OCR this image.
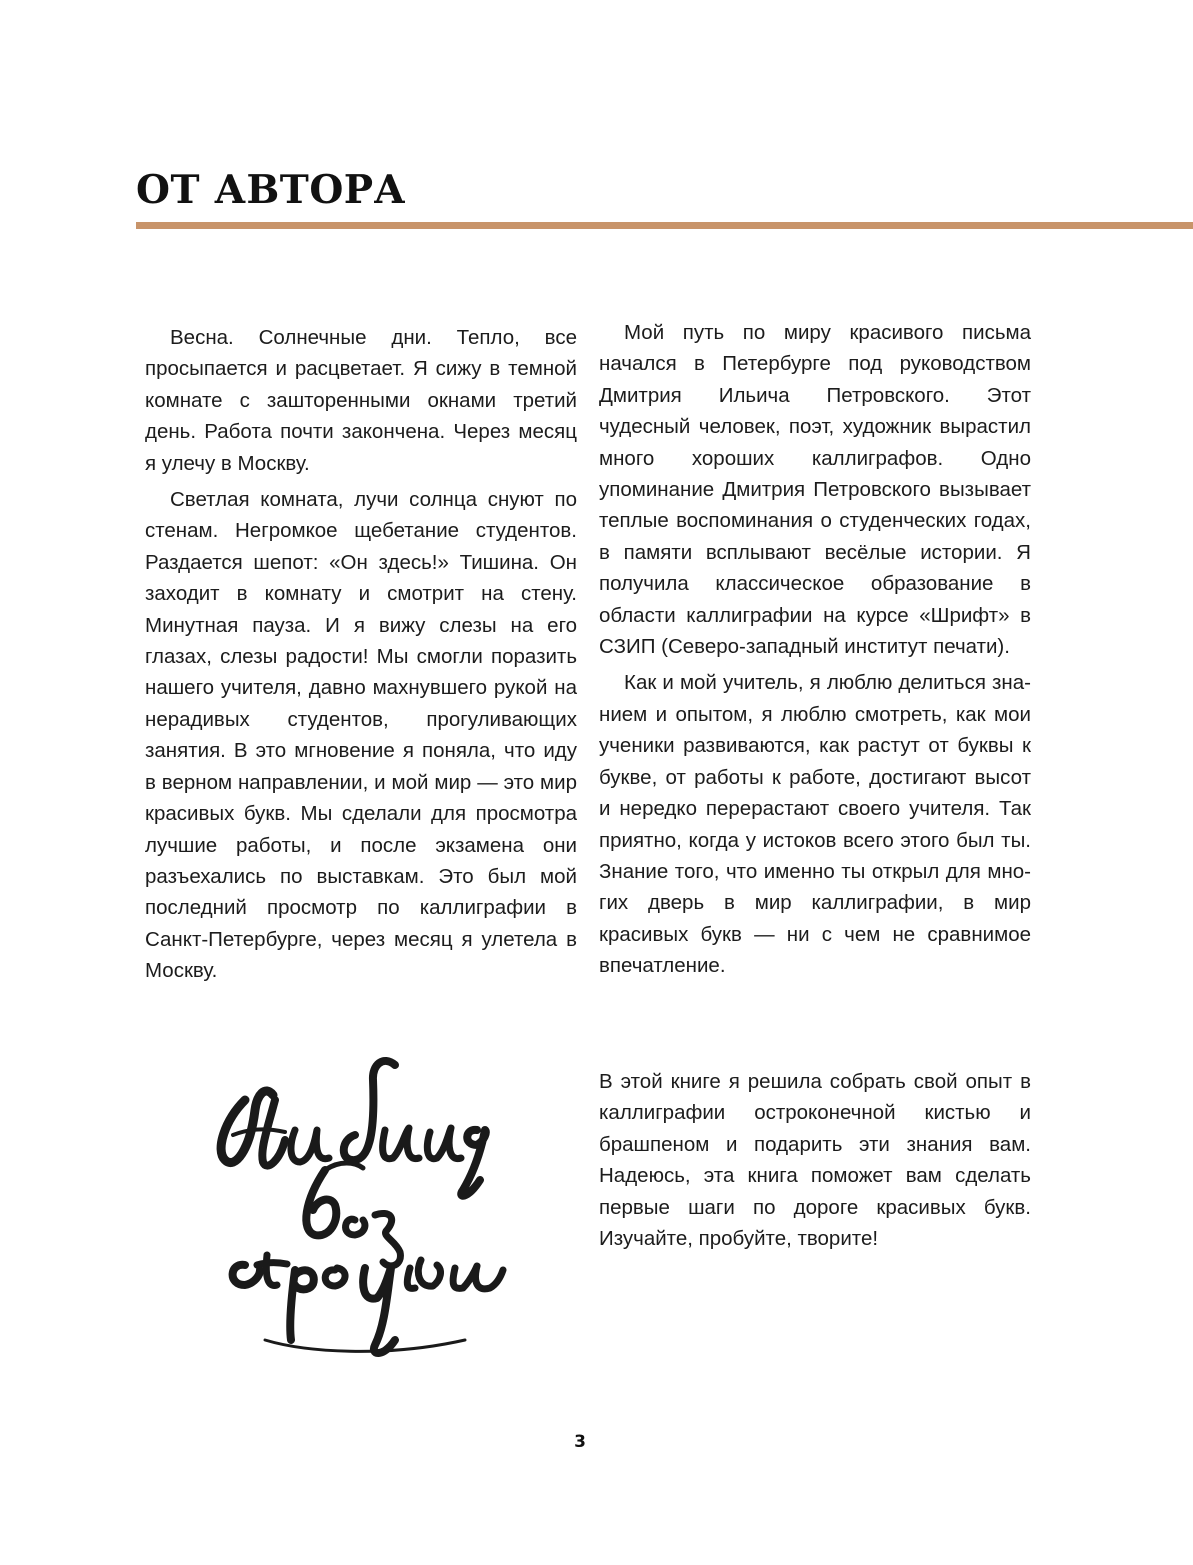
ОТ АВТОРА

Весна. Солнечные дни. Тепло, все просыпается и расцветает. Я сижу в темной комнате с зашторенными окнами третий день. Работа почти закончена. Через месяц я улечу в Москву.

Светлая комната, лучи солнца снуют по стенам. Негромкое щебетание студентов. Раздается шепот: «Он здесь!» Тишина. Он заходит в комнату и смотрит на стену. Минутная пауза. И я вижу слезы на его глазах, слезы радости! Мы смогли поразить нашего учителя, давно махнувшего рукой на нерадивых студентов, прогуливающих занятия. В это мгновение я поняла, что иду в верном направлении, и мой мир — это мир красивых букв. Мы сделали для просмотра лучшие работы, и после экзамена они разъехались по выставкам. Это был мой последний просмотр по каллиграфии в Санкт-Петербурге, через месяц я улетела в Москву.

Мой путь по миру красивого письма начался в Петербурге под руководством Дмитрия Ильича Петровского. Этот чудесный человек, поэт, художник вырастил много хороших каллиграфов. Одно упоминание Дмитрия Петровского вызывает теплые воспоминания о студенческих годах, в памяти всплывают весёлые истории. Я получила классическое образование в области каллиграфии на курсе «Шрифт» в СЗИП (Северо-западный институт печати).

Как и мой учитель, я люблю делиться знанием и опытом, я люблю смотреть, как мои ученики развиваются, как растут от буквы к букве, от работы к работе, достигают высот и нередко перерастают своего учителя. Так приятно, когда у истоков всего этого был ты. Знание того, что именно ты открыл для многих дверь в мир каллиграфии, в мир красивых букв — ни с чем не сравнимое впечатление.

В этой книге я решила собрать свой опыт в каллиграфии остроконечной кистью и брашпеном и подарить эти знания вам. Надеюсь, эта книга поможет вам сделать первые шаги по дороге красивых букв. Изучайте, пробуйте, творите!

3
